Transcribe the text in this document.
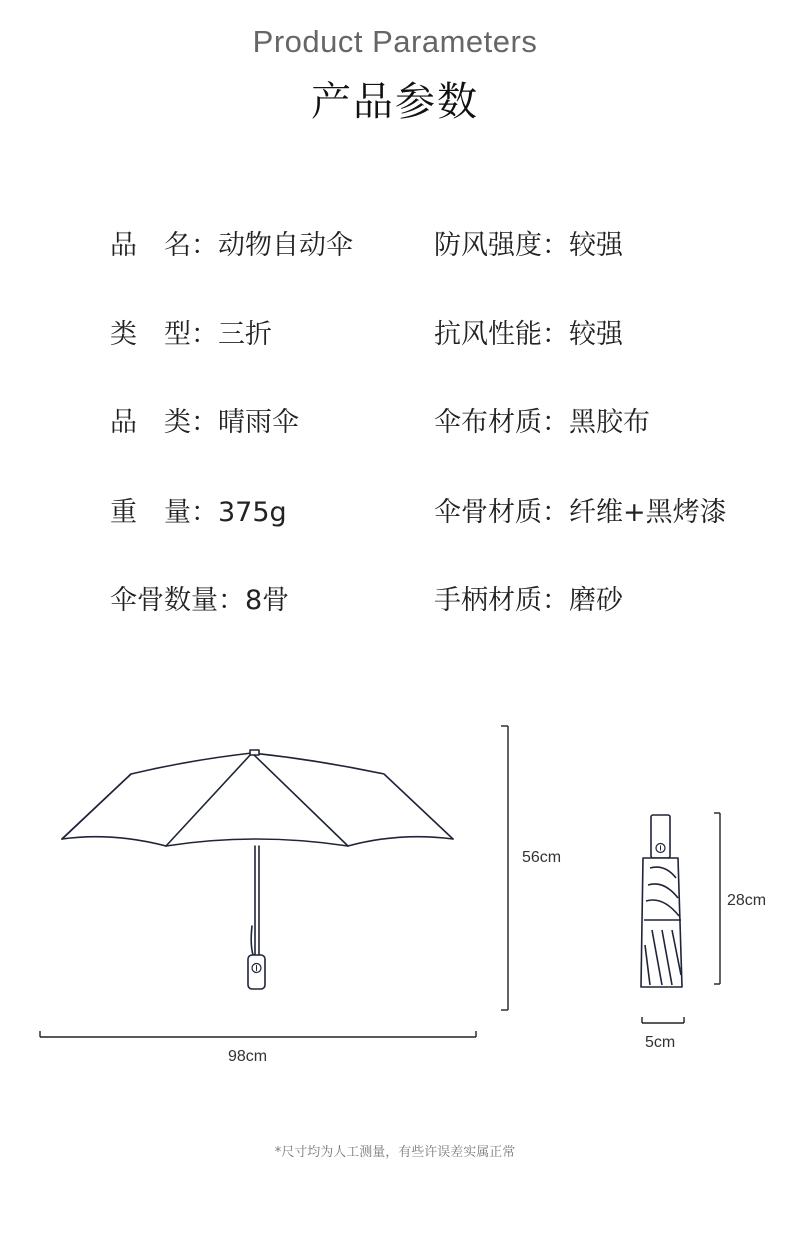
Product Parameters
产品参数
品　名：动物自动伞	防风强度：较强
类　型：三折	抗风性能：较强
品　类：晴雨伞	伞布材质：黑胶布
重　量：375g	伞骨材质：纤维+黑烤漆
伞骨数量：8骨	手柄材质：磨砂
56cm
98cm
28cm
5cm
*尺寸均为人工测量，有些许误差实属正常
